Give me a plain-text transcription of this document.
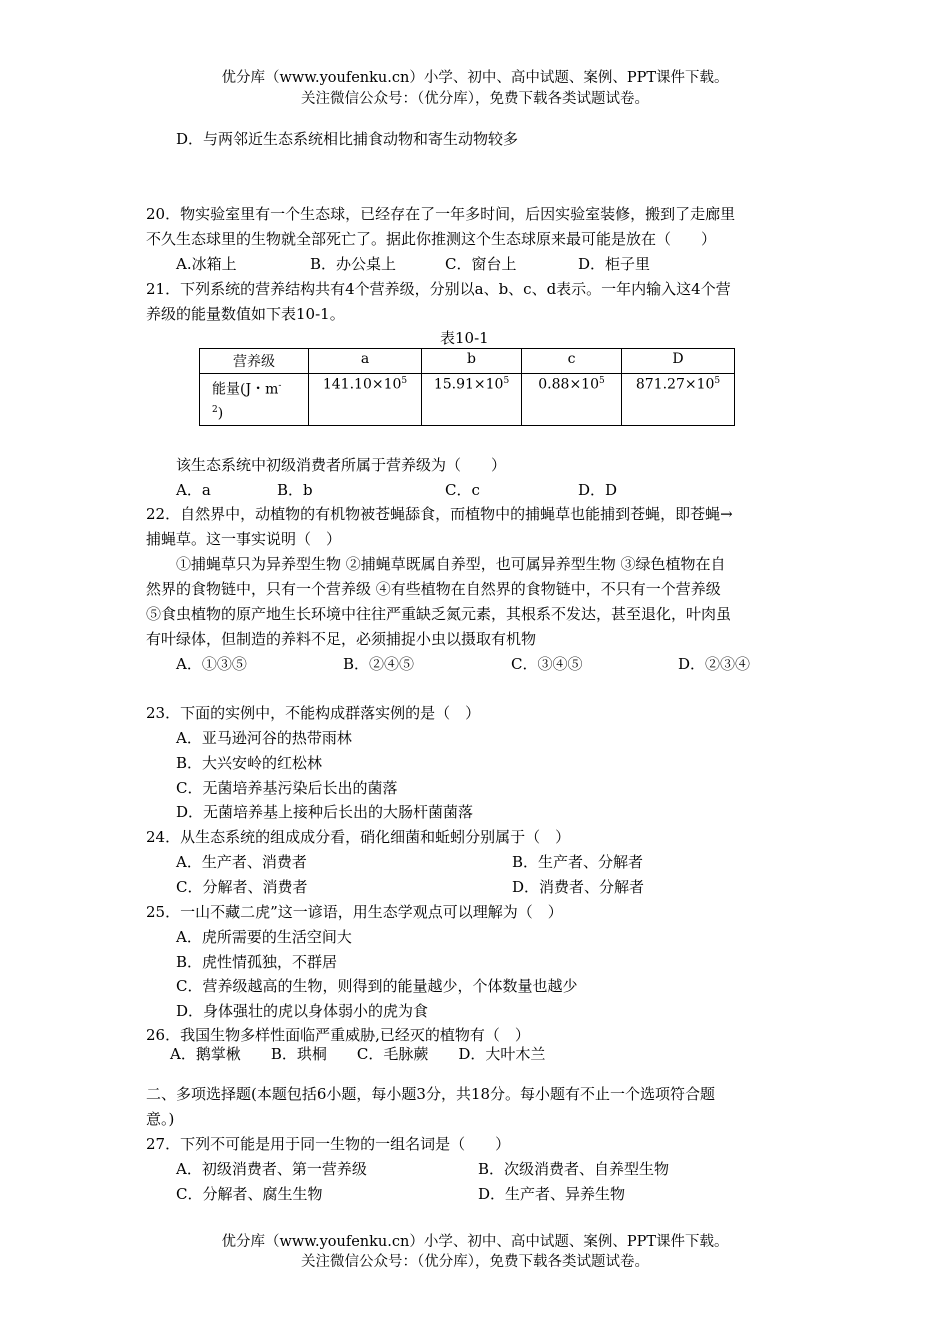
优分库（www.youfenku.cn）小学、初中、高中试题、案例、PPT课件下载。
关注微信公众号：（优分库），免费下载各类试题试卷。
D．与两邻近生态系统相比捕食动物和寄生动物较多
20．物实验室里有一个生态球，已经存在了一年多时间，后因实验室装修，搬到了走廊里
不久生态球里的生物就全部死亡了。据此你推测这个生态球原来最可能是放在（　　）
A.冰箱上	B．办公桌上	C．窗台上	D．柜子里
21．下列系统的营养结构共有4个营养级，分别以a、b、c、d表示。一年内输入这4个营
养级的能量数值如下表10-1。
表10-1
营养级	a	b	c	D
能量(J・m-
$^2$)	$141.10\times 10^5$	$15.91\times 10^5$	$0.88\times 10^5$	$871.27\times 10^5$
该生态系统中初级消费者所属于营养级为（　　）
A．a	B．b	C．c	D．D
22．自然界中，动植物的有机物被苍蝇舔食，而植物中的捕蝇草也能捕到苍蝇，即苍蝇→
捕蝇草。这一事实说明（　）
①捕蝇草只为异养型生物 ②捕蝇草既属自养型，也可属异养型生物 ③绿色植物在自
然界的食物链中，只有一个营养级 ④有些植物在自然界的食物链中，不只有一个营养级
⑤食虫植物的原产地生长环境中往往严重缺乏氮元素，其根系不发达，甚至退化，叶肉虽
有叶绿体，但制造的养料不足，必须捕捉小虫以摄取有机物
A．①③⑤	B．②④⑤	C．③④⑤	D．②③④
23．下面的实例中，不能构成群落实例的是（　）
A．亚马逊河谷的热带雨林
B．大兴安岭的红松林
C．无菌培养基污染后长出的菌落
D．无菌培养基上接种后长出的大肠杆菌菌落
24．从生态系统的组成成分看，硝化细菌和蚯蚓分别属于（　）
A．生产者、消费者	B．生产者、分解者
C．分解者、消费者	D．消费者、分解者
25．一山不藏二虎”这一谚语，用生态学观点可以理解为（　）
A．虎所需要的生活空间大
B．虎性情孤独，不群居
C．营养级越高的生物，则得到的能量越少，个体数量也越少
D．身体强壮的虎以身体弱小的虎为食
26．我国生物多样性面临严重威胁,已经灭的植物有（　）
A．鹅掌楸　　B．珙桐　　C．毛脉蕨　　D．大叶木兰
二、多项选择题(本题包括6小题，每小题3分，共18分。每小题有不止一个选项符合题
意。)
27．下列不可能是用于同一生物的一组名词是（　　）
A．初级消费者、第一营养级	B．次级消费者、自养型生物
C．分解者、腐生生物	D．生产者、异养生物
优分库（www.youfenku.cn）小学、初中、高中试题、案例、PPT课件下载。
关注微信公众号：（优分库），免费下载各类试题试卷。
